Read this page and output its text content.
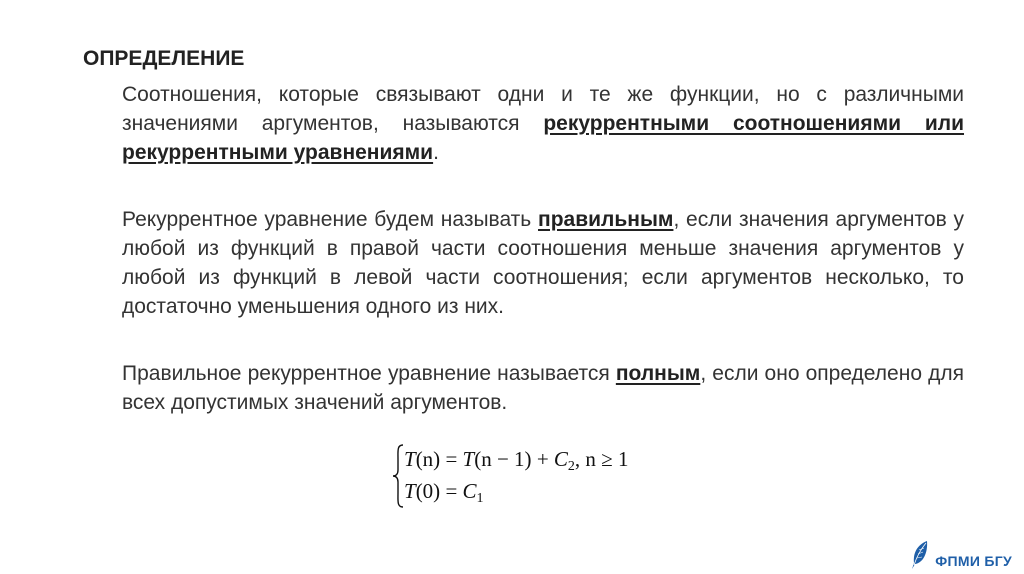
ОПРЕДЕЛЕНИЕ

Соотношения, которые связывают одни и те же функции, но с различными значениями аргументов, называются рекуррентными соотношениями или рекуррентными уравнениями.

Рекуррентное уравнение будем называть правильным, если значения аргументов у любой из функций в правой части соотношения меньше значения аргументов у любой из функций в левой части соотношения; если аргументов несколько, то достаточно уменьшения одного из них.

Правильное рекуррентное уравнение называется полным, если оно определено для всех допустимых значений аргументов.

$T(n) = T(n - 1) + C_2$, n ≥ 1
$T(0) = C_1$
ФПМИ БГУ
